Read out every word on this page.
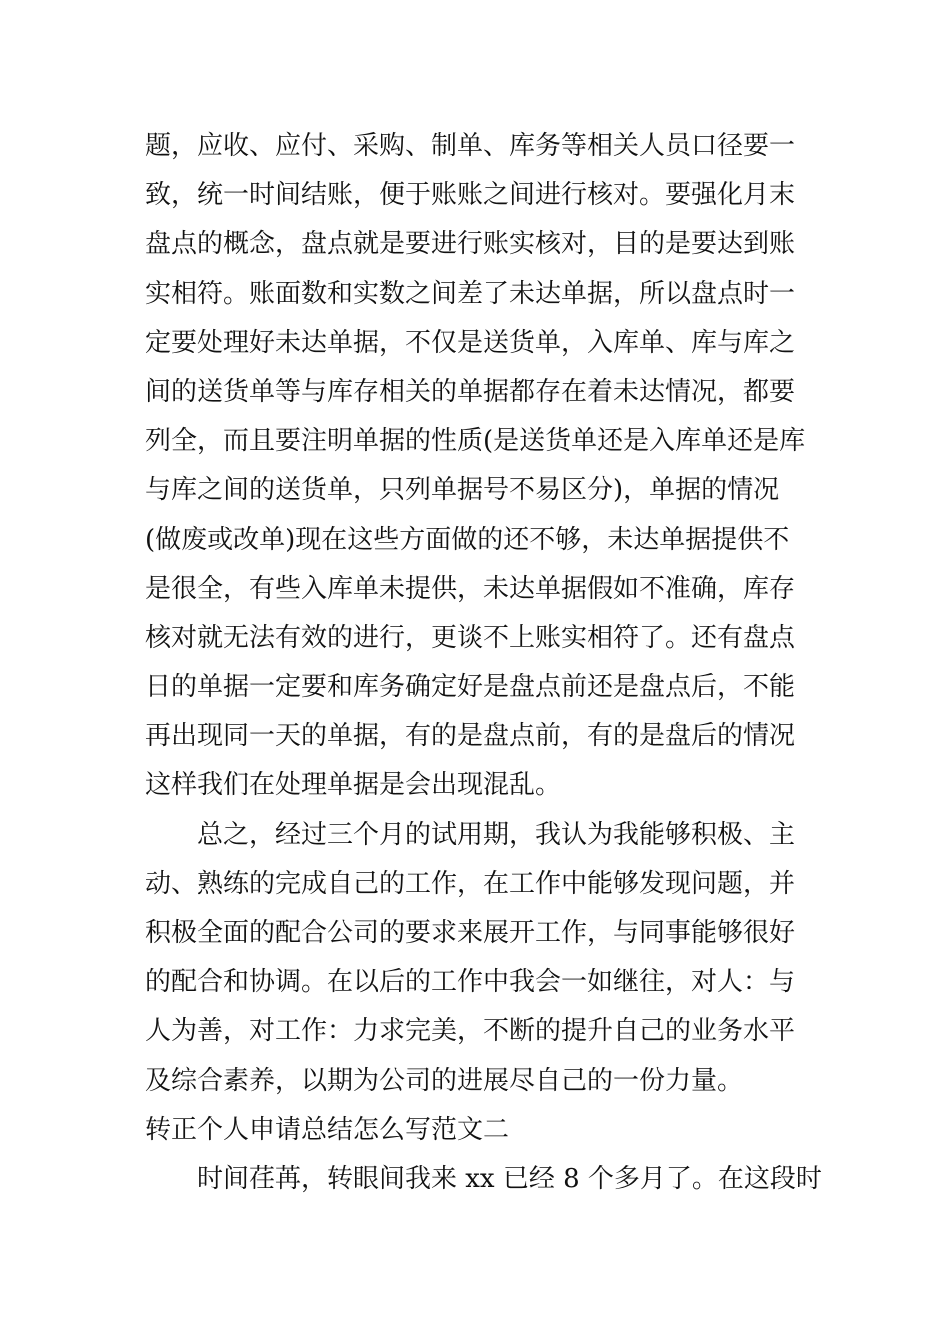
题，应收、应付、采购、制单、库务等相关人员口径要一
致，统一时间结账，便于账账之间进行核对。要强化月末
盘点的概念，盘点就是要进行账实核对，目的是要达到账
实相符。账面数和实数之间差了未达单据，所以盘点时一
定要处理好未达单据，不仅是送货单，入库单、库与库之
间的送货单等与库存相关的单据都存在着未达情况，都要
列全，而且要注明单据的性质(是送货单还是入库单还是库
与库之间的送货单，只列单据号不易区分)，单据的情况
(做废或改单)现在这些方面做的还不够，未达单据提供不
是很全，有些入库单未提供，未达单据假如不准确，库存
核对就无法有效的进行，更谈不上账实相符了。还有盘点
日的单据一定要和库务确定好是盘点前还是盘点后，不能
再出现同一天的单据，有的是盘点前，有的是盘后的情况
这样我们在处理单据是会出现混乱。
总之，经过三个月的试用期，我认为我能够积极、主
动、熟练的完成自己的工作，在工作中能够发现问题，并
积极全面的配合公司的要求来展开工作，与同事能够很好
的配合和协调。在以后的工作中我会一如继往，对人：与
人为善，对工作：力求完美，不断的提升自己的业务水平
及综合素养，以期为公司的进展尽自己的一份力量。
转正个人申请总结怎么写范文二
时间荏苒，转眼间我来 xx 已经 8 个多月了。在这段时
